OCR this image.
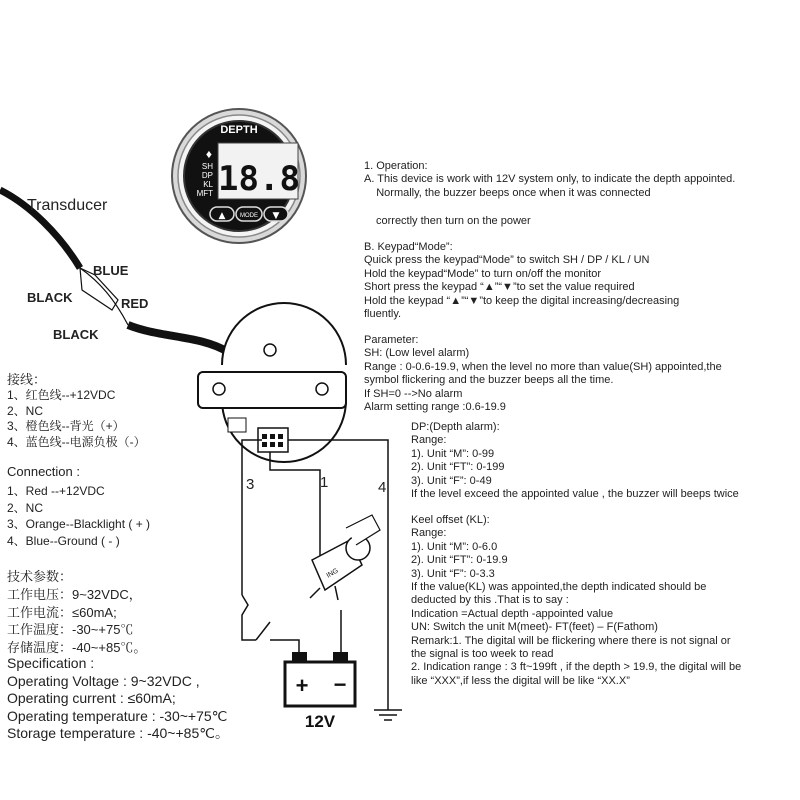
DEPTH
18.8
♦
SH
DP
KL
MFT
▲ MODE ▼
ING
+ −
12V
Transducer
BLUE
BLACK	RED
BLACK
3	1	4
接线：
1、红色线--+12VDC
2、NC
3、橙色线--背光（+）
4、蓝色线--电源负极（-）
Connection :
1、Red --+12VDC
2、NC
3、Orange--Blacklight ( + )
4、Blue--Ground ( - )
技术参数：
工作电压：9~32VDC，
工作电流：≤60mA;
工作温度：-30~+75℃
存储温度：-40~+85℃。
Specification :
Operating Voltage : 9~32VDC ,
Operating current : ≤60mA;
Operating temperature : -30~+75℃
Storage temperature : -40~+85℃。
1. Operation:
A. This device is work with 12V system only, to indicate the depth appointed.
Normally, the buzzer beeps once when it was connected
correctly then turn on the power
B. Keypad“Mode”:
Quick press the keypad“Mode” to switch SH / DP / KL / UN
Hold the keypad“Mode” to turn on/off the monitor
Short press the keypad “▲”“▼”to set the value required
Hold the keypad “▲”“▼”to keep the digital increasing/decreasing
fluently.
Parameter:
SH: (Low level alarm)
Range : 0-0.6-19.9, when the level no more than value(SH) appointed,the
symbol flickering and the buzzer beeps all the time.
If SH=0 -->No alarm
Alarm setting range :0.6-19.9
DP:(Depth alarm):
Range:
1). Unit “M”: 0-99
2). Unit “FT”: 0-199
3). Unit “F”: 0-49
If the level exceed the appointed value , the buzzer will beeps twice
Keel offset (KL):
Range:
1). Unit “M”: 0-6.0
2). Unit “FT”: 0-19.9
3). Unit “F”: 0-3.3
If the value(KL) was appointed,the depth indicated should be
deducted by this .That is to say :
Indication =Actual depth -appointed value
UN: Switch the unit M(meet)- FT(feet) – F(Fathom)
Remark:1. The digital will be flickering where there is not signal or
the signal is too week to read
2. Indication range : 3 ft~199ft , if the depth > 19.9, the digital will be
like “XXX”,if less the digital will be like “XX.X”
